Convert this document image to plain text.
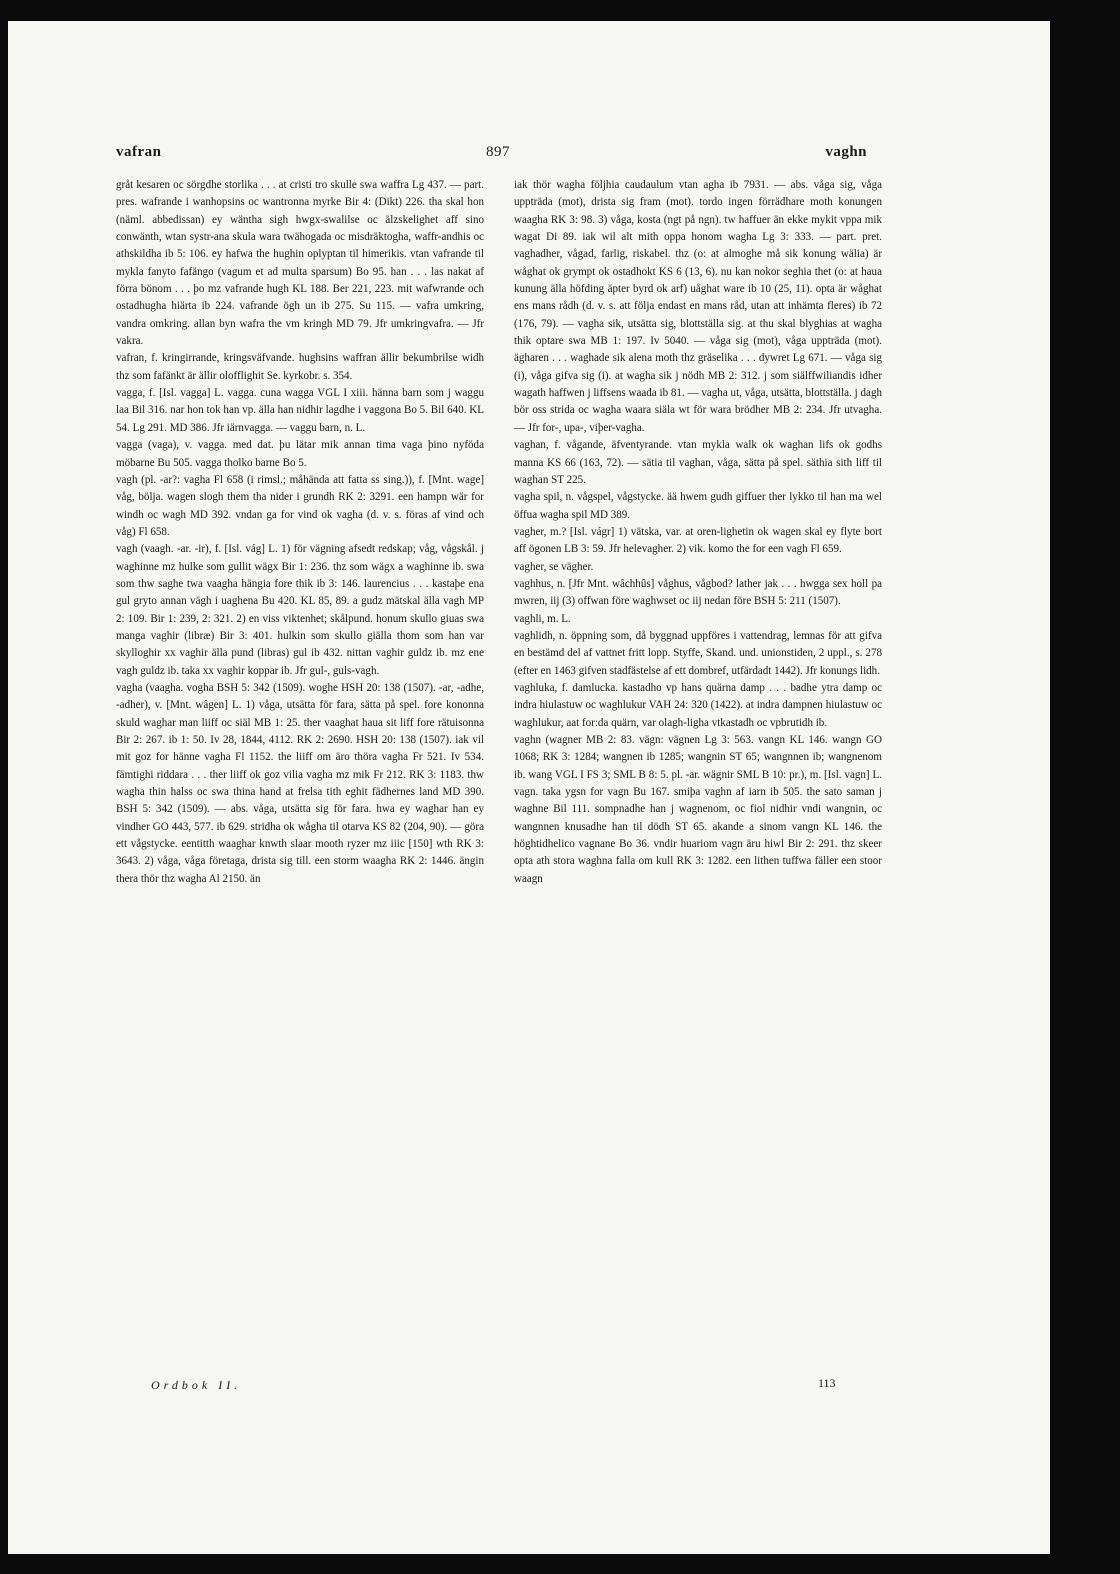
vafran	897	vaghn

gråt kesaren oc sörgdhe storlika . . . at cristi tro skulle swa waffra Lg 437. — part. pres. wafrande i wanhopsins oc wantronna myrke Bir 4: (Dikt) 226. tha skal hon (näml. abbedissan) ey wäntha sigh hwgx-swalilse oc älzskelighet aff sino conwänth, wtan systr-ana skula wara twähogada oc misdräktogha, waffr-andhis oc athskildha ib 5: 106. ey hafwa the hughin oplyptan til himerikis. vtan vafrande til mykla fanyto fafängo (vagum et ad multa sparsum) Bo 95. han . . . las nakat af förra bönom . . . þo mz vafrande hugh KL 188. Ber 221, 223. mit wafwrande och ostadhugha hiärta ib 224. vafrande ögh un ib 275. Su 115. — vafra umkring, vandra omkring. allan byn wafra the vm kringh MD 79. Jfr umkringvafra. — Jfr vakra.

vafran, f. kringirrande, kringsväfvande. hughsins waffran ällir bekumbrilse widh thz som fafänkt är ällir olofflighit Se. kyrkobr. s. 354.

vagga, f. [Isl. vagga] L. vagga. cuna wagga VGL I xiii. hänna barn som j waggu laa Bil 316. nar hon tok han vp. älla han nidhir lagdhe i vaggona Bo 5. Bil 640. KL 54. Lg 291. MD 386. Jfr iärnvagga. — vaggu barn, n. L.

vagga (vaga), v. vagga. med dat. þu lätar mik annan tima vaga þino nyföda möbarne Bu 505. vagga tholko barne Bo 5.

vagh (pl. -ar?: vagha Fl 658 (i rimsl.; måhända att fatta ss sing.)), f. [Mnt. wage] våg, bölja. wagen slogh them tha nider i grundh RK 2: 3291. een hampn wär for windh oc wagh MD 392. vndan ga for vind ok vagha (d. v. s. föras af vind och våg) Fl 658.

vagh (vaagh. -ar. -ir), f. [Isl. vág] L. 1) för vägning afsedt redskap; våg, vågskål. j waghinne mz hulke som gullit wägx Bir 1: 236. thz som wägx a waghinne ib. swa som thw saghe twa vaagha hängia fore thik ib 3: 146. laurencius . . . kastaþe ena gul gryto annan vägh i uaghena Bu 420. KL 85, 89. a gudz mätskal älla vagh MP 2: 109. Bir 1: 239, 2: 321. 2) en viss viktenhet; skålpund. honum skullo giuas swa manga vaghir (libræ) Bir 3: 401. hulkin som skullo giälla thom som han var skylloghir xx vaghir älla pund (libras) gul ib 432. nittan vaghir guldz ib. mz ene vagh guldz ib. taka xx vaghir koppar ib. Jfr gul-, guls-vagh.

vagha (vaagha. vogha BSH 5: 342 (1509). woghe HSH 20: 138 (1507). -ar, -adhe, -adher), v. [Mnt. wâgen] L. 1) våga, utsätta för fara, sätta på spel. fore kononna skuld waghar man liiff oc siäl MB 1: 25. ther vaaghat haua sit liff fore rätuisonna Bir 2: 267. ib 1: 50. Iv 28, 1844, 4112. RK 2: 2690. HSH 20: 138 (1507). iak vil mit goz for hänne vagha Fl 1152. the liiff om äro thöra vagha Fr 521. Iv 534. fämtighi riddara . . . ther liiff ok goz vilia vagha mz mik Fr 212. RK 3: 1183. thw wagha thin halss oc swa thina hand at frelsa tith eghit fädhernes land MD 390. BSH 5: 342 (1509). — abs. våga, utsätta sig för fara. hwa ey waghar han ey vindher GO 443, 577. ib 629. stridha ok wågha til otarva KS 82 (204, 90). — göra ett vågstycke. eentitth waaghar knwth slaar mooth ryzer mz iiic [150] wth RK 3: 3643. 2) våga, våga företaga, drista sig till. een storm waagha RK 2: 1446. ängin thera thör thz wagha Al 2150. än

iak thör wagha följhia caudaulum vtan agha ib 7931. — abs. våga sig, våga uppträda (mot), drista sig fram (mot). tordo ingen förrädhare moth konungen waagha RK 3: 98. 3) våga, kosta (ngt på ngn). tw haffuer än ekke mykit vppa mik wagat Di 89. iak wil alt mith oppa honom wagha Lg 3: 333. — part. pret. vaghadher, vågad, farlig, riskabel. thz (o: at almoghe må sik konung wälia) är wåghat ok grympt ok ostadhokt KS 6 (13, 6). nu kan nokor seghia thet (o: at haua kunung älla höfding äpter byrd ok arf) uåghat ware ib 10 (25, 11). opta är wåghat ens mans rådh (d. v. s. att följa endast en mans råd, utan att inhämta fleres) ib 72 (176, 79). — vagha sik, utsätta sig, blottställa sig. at thu skal blyghias at wagha thik optare swa MB 1: 197. Iv 5040. — våga sig (mot), våga uppträda (mot). ägharen . . . waghade sik alena moth thz gräselika . . . dywret Lg 671. — våga sig (i), våga gifva sig (i). at wagha sik j nödh MB 2: 312. j som siälffwiliandis idher wagath haffwen j liffsens waada ib 81. — vagha ut, våga, utsätta, blottställa. j dagh bör oss strida oc wagha waara siäla wt för wara brödher MB 2: 234. Jfr utvagha. — Jfr for-, upa-, viþer-vagha.

vaghan, f. vågande, äfventyrande. vtan mykla walk ok waghan lifs ok godhs manna KS 66 (163, 72). — sätia til vaghan, våga, sätta på spel. säthia sith liff til waghan ST 225.

vagha spil, n. vågspel, vågstycke. ää hwem gudh giffuer ther lykko til han ma wel öffua wagha spil MD 389.

vagher, m.? [Isl. vágr] 1) vätska, var. at oren-lighetin ok wagen skal ey flyte bort aff ögonen LB 3: 59. Jfr helevagher. 2) vik. komo the for een vagh Fl 659.

vagher, se vägher.

vaghhus, n. [Jfr Mnt. wâchhûs] våghus, vågbod? lather jak . . . hwgga sex holl pa mwren, iij (3) offwan före waghwset oc iij nedan före BSH 5: 211 (1507).

vaghli, m. L.

vaghlidh, n. öppning som, då byggnad uppföres i vattendrag, lemnas för att gifva en bestämd del af vattnet fritt lopp. Styffe, Skand. und. unionstiden, 2 uppl., s. 278 (efter en 1463 gifven stadfästelse af ett dombref, utfärdadt 1442). Jfr konungs lidh.

vaghluka, f. damlucka. kastadho vp hans quärna damp . . . badhe ytra damp oc indra hiulastuw oc waghlukur VAH 24: 320 (1422). at indra dampnen hiulastuw oc waghlukur, aat for:da quärn, var olagh-ligha vtkastadh oc vpbrutidh ib.

vaghn (wagner MB 2: 83. vägn: vägnen Lg 3: 563. vangn KL 146. wangn GO 1068; RK 3: 1284; wangnen ib 1285; wangnin ST 65; wangnnen ib; wangnenom ib. wang VGL I FS 3; SML B 8: 5. pl. -ar. wägnir SML B 10: pr.), m. [Isl. vagn] L. vagn. taka ygsn for vagn Bu 167. smiþa vaghn af iarn ib 505. the sato saman j waghne Bil 111. sompnadhe han j wagnenom, oc fiol nidhir vndi wangnin, oc wangnnen knusadhe han til dödh ST 65. akande a sinom vangn KL 146. the höghtidhelico vagnane Bo 36. vndir huariom vagn äru hiwl Bir 2: 291. thz skeer opta ath stora waghna falla om kull RK 3: 1282. een lithen tuffwa fäller een stoor waagn

Ordbok II.	113
